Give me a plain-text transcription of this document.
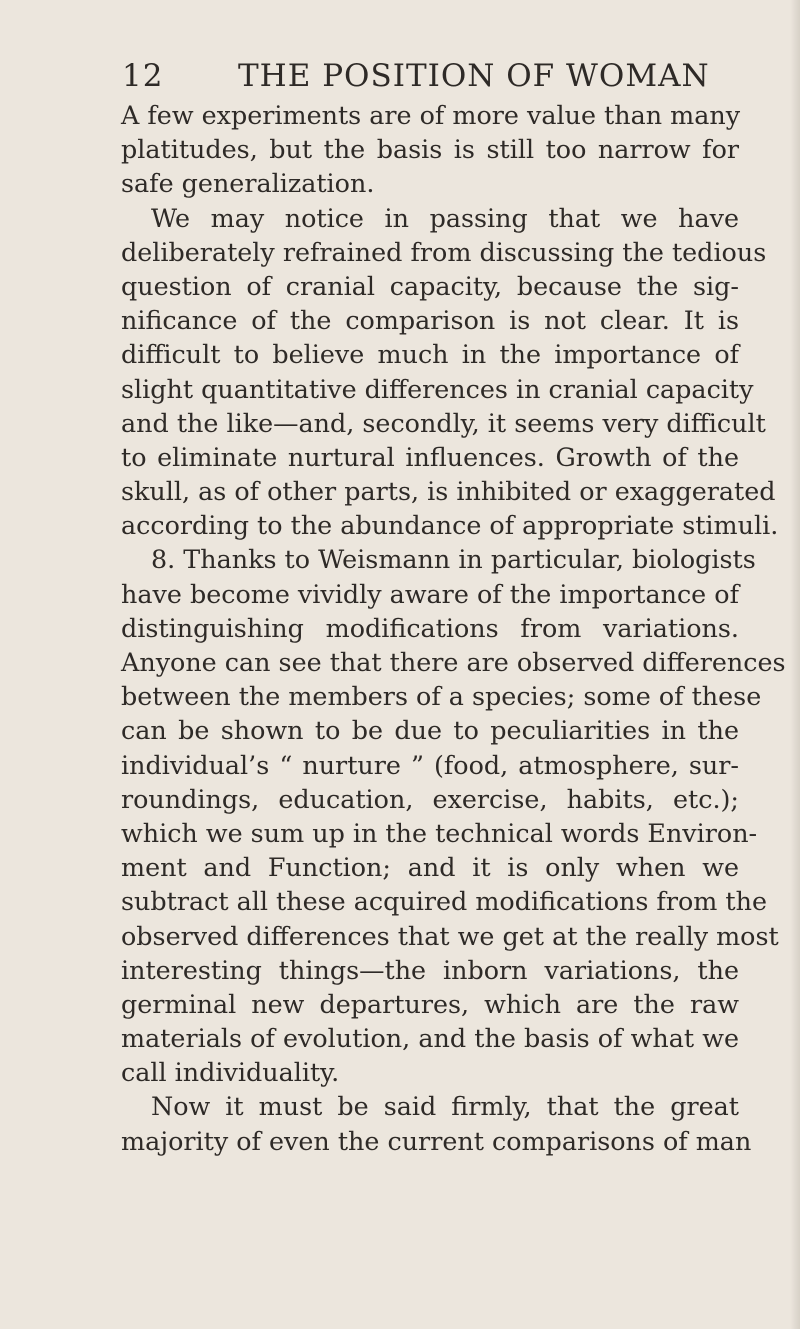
12 THE POSITION OF WOMAN
A few experiments are of more value than many
platitudes, but the basis is still too narrow for
safe generalization.
We may notice in passing that we have
deliberately refrained from discussing the tedious
question of cranial capacity, because the sig-
nificance of the comparison is not clear. It is
difficult to believe much in the importance of
slight quantitative differences in cranial capacity
and the like—and, secondly, it seems very difficult
to eliminate nurtural influences. Growth of the
skull, as of other parts, is inhibited or exaggerated
according to the abundance of appropriate stimuli.
8. Thanks to Weismann in particular, biologists
have become vividly aware of the importance of
distinguishing modifications from variations.
Anyone can see that there are observed differences
between the members of a species; some of these
can be shown to be due to peculiarities in the
individual’s “ nurture ” (food, atmosphere, sur-
roundings, education, exercise, habits, etc.);
which we sum up in the technical words Environ-
ment and Function; and it is only when we
subtract all these acquired modifications from the
observed differences that we get at the really most
interesting things—the inborn variations, the
germinal new departures, which are the raw
materials of evolution, and the basis of what we
call individuality.
Now it must be said firmly, that the great
majority of even the current comparisons of man
